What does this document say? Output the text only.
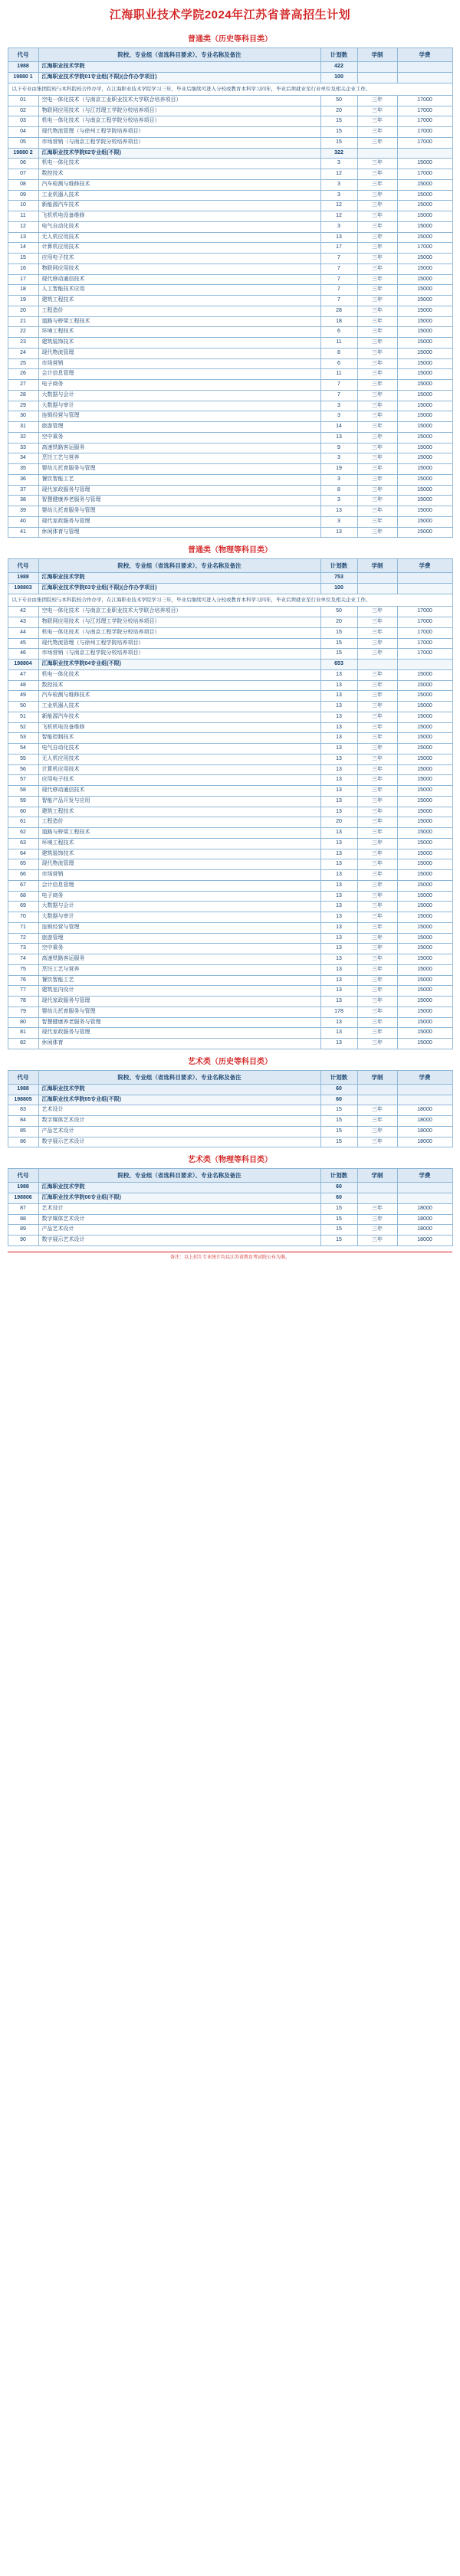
江海职业技术学院2024年江苏省普高招生计划
普通类（历史等科目类）
代号	院校、专业组（省选科目要求）、专业名称及备注	计划数	学制	学费
1988	江海职业技术学院	422		
19880 1	江海职业技术学院01专业组(不限)(合作办学项目)	100		
以下专业由集团院校与本科院校合作办学，在江海职业技术学院学习三年，毕业后继续可进入分校或教育本科学习四年，毕业后须就业至行业单位及相关企业工作。				
01	空电一体化技术（与南京工业职业技术大学联合培养项目）	50	三年	17000
02	物联网应用技术（与江苏理工学院分校培养项目）	20	三年	17000
03	机电一体化技术（与南京工程学院分校培养项目）	15	三年	17000
04	现代物流管理（与徐州工程学院培养项目）	15	三年	17000
05	市场营销（与南京工程学院分校培养项目）	15	三年	17000
19880 2	江海职业技术学院02专业组(不限)	322		
06	机电一体化技术	3	三年	15000
07	数控技术	12	三年	17000
08	汽车检测与维修技术	3	三年	15000
09	工业机器人技术	3	三年	15000
10	新能源汽车技术	12	三年	15000
11	飞机机电设备维修	12	三年	15000
12	电气自动化技术	3	三年	15000
13	无人机应用技术	13	三年	15000
14	计算机应用技术	17	三年	17000
15	应用电子技术	7	三年	15000
16	物联网应用技术	7	三年	15000
17	现代移动通信技术	7	三年	15000
18	人工智能技术应用	7	三年	15000
19	建筑工程技术	7	三年	15000
20	工程造价	28	三年	15000
21	道路与桥梁工程技术	18	三年	15000
22	环境工程技术	6	三年	15000
23	建筑装饰技术	11	三年	15000
24	现代物流管理	8	三年	15000
25	市场营销	6	三年	15000
26	会计信息管理	11	三年	15000
27	电子商务	7	三年	15000
28	大数据与会计	7	三年	15000
29	大数据与审计	3	三年	15000
30	连锁经营与管理	3	三年	15000
31	旅游管理	14	三年	15000
32	空中乘务	13	三年	15000
33	高速铁路客运服务	9	三年	15000
34	烹饪工艺与营养	3	三年	15000
35	婴幼儿托育服务与管理	19	三年	15000
36	餐饮智能工艺	3	三年	15000
37	现代家政服务与管理	8	三年	15000
38	智慧健康养老服务与管理	3	三年	15000
39	婴幼儿托育服务与管理	13	三年	15000
40	现代家政服务与管理	3	三年	15000
41	休闲体育与管理	13	三年	15000
普通类（物理等科目类）
代号	院校、专业组（省选科目要求）、专业名称及备注	计划数	学制	学费
1988	江海职业技术学院	753		
198803	江海职业技术学院03专业组(不限)(合作办学项目)	100		
以下专业由集团院校与本科院校合作办学，在江海职业技术学院学习三年，毕业后继续可进入分校或教育本科学习四年，毕业后须就业至行业单位及相关企业工作。				
42	空电一体化技术（与南京工业职业技术大学联合培养项目）	50	三年	17000
43	物联网应用技术（与江苏理工学院分校培养项目）	20	三年	17000
44	机电一体化技术（与南京工程学院分校培养项目）	15	三年	17000
45	现代物流管理（与徐州工程学院培养项目）	15	三年	17000
46	市场营销（与南京工程学院分校培养项目）	15	三年	17000
198804	江海职业技术学院04专业组(不限)	653		
47	机电一体化技术	13	三年	15000
48	数控技术	13	三年	15000
49	汽车检测与维修技术	13	三年	15000
50	工业机器人技术	13	三年	15000
51	新能源汽车技术	13	三年	15000
52	飞机机电设备维修	13	三年	15000
53	智能控制技术	13	三年	15000
54	电气自动化技术	13	三年	15000
55	无人机应用技术	13	三年	15000
56	计算机应用技术	13	三年	15000
57	应用电子技术	13	三年	15000
58	现代移动通信技术	13	三年	15000
59	智能产品开发与应用	13	三年	15000
60	建筑工程技术	13	三年	15000
61	工程造价	20	三年	15000
62	道路与桥梁工程技术	13	三年	15000
63	环境工程技术	13	三年	15000
64	建筑装饰技术	13	三年	15000
65	现代物流管理	13	三年	15000
66	市场营销	13	三年	15000
67	会计信息管理	13	三年	15000
68	电子商务	13	三年	15000
69	大数据与会计	13	三年	15000
70	大数据与审计	13	三年	15000
71	连锁经营与管理	13	三年	15000
72	旅游管理	13	三年	15000
73	空中乘务	13	三年	15000
74	高速铁路客运服务	13	三年	15000
75	烹饪工艺与营养	13	三年	15000
76	餐饮智能工艺	13	三年	15000
77	建筑室内设计	13	三年	15000
78	现代家政服务与管理	13	三年	15000
79	婴幼儿托育服务与管理	178	三年	15000
80	智慧健康养老服务与管理	13	三年	15000
81	现代家政服务与管理	13	三年	15000
82	休闲体育	13	三年	15000
艺术类（历史等科目类）
代号	院校、专业组（省选科目要求）、专业名称及备注	计划数	学制	学费
1988	江海职业技术学院	60		
198805	江海职业技术学院05专业组(不限)	60		
83	艺术设计	15	三年	18000
84	数字媒体艺术设计	15	三年	18000
85	产品艺术设计	15	三年	18000
86	数字展示艺术设计	15	三年	18000
艺术类（物理等科目类）
代号	院校、专业组（省选科目要求）、专业名称及备注	计划数	学制	学费
1988	江海职业技术学院	60		
198806	江海职业技术学院06专业组(不限)	60		
87	艺术设计	15	三年	18000
88	数字媒体艺术设计	15	三年	18000
89	产品艺术设计	15	三年	18000
90	数字展示艺术设计	15	三年	18000
备注：以上招生专业统计均以江苏省教育考试院公布为准。
